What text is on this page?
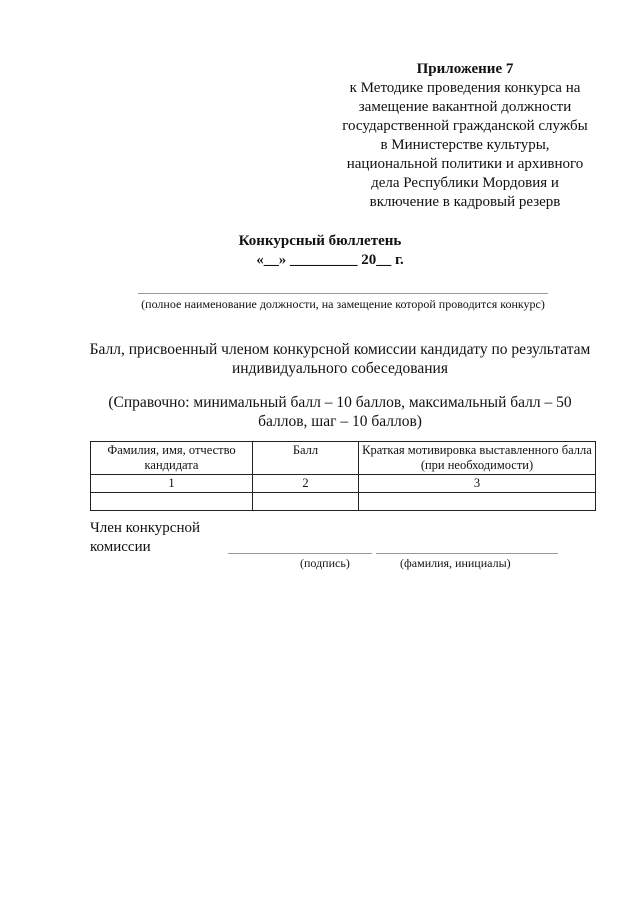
Приложение 7
к Методике проведения конкурса на
замещение вакантной должности
государственной гражданской службы
в Министерстве культуры,
национальной политики и архивного
дела Республики Мордовия и
включение в кадровый резерв
Конкурсный бюллетень
«__» _________ 20__ г.
(полное наименование должности, на замещение которой проводится конкурс)
Балл, присвоенный членом конкурсной комиссии кандидату по результатам индивидуального собеседования
(Справочно: минимальный балл – 10 баллов, максимальный балл – 50 баллов, шаг – 10 баллов)
Фамилия, имя, отчество кандидата	Балл	Краткая мотивировка выставленного балла (при необходимости)
1	2	3

Член конкурсной комиссии
(подпись)	(фамилия, инициалы)
